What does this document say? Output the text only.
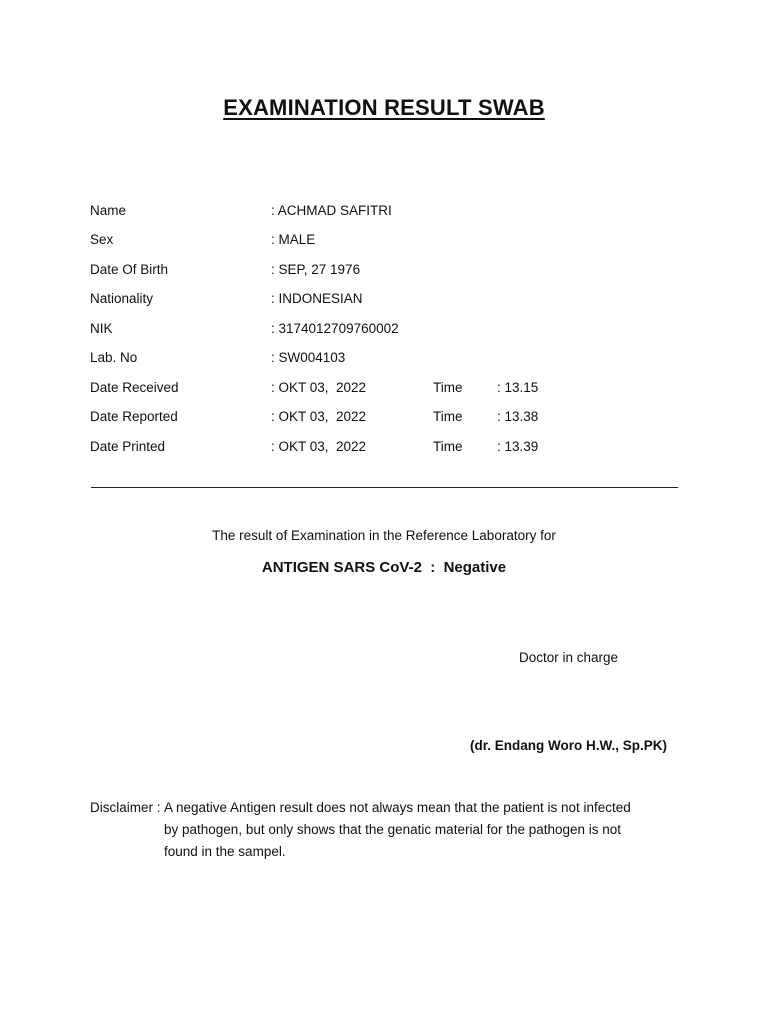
EXAMINATION RESULT SWAB
Name	: ACHMAD SAFITRI
Sex	: MALE
Date Of Birth	: SEP, 27 1976
Nationality	: INDONESIAN
NIK	: 3174012709760002
Lab. No	: SW004103
Date Received	: OKT 03,  2022	Time	: 13.15
Date Reported	: OKT 03,  2022	Time	: 13.38
Date Printed	: OKT 03,  2022	Time	: 13.39
The result of Examination in the Reference Laboratory for
ANTIGEN SARS CoV-2  :  Negative
Doctor in charge
(dr. Endang Woro H.W., Sp.PK)
Disclaimer : A negative Antigen result does not always mean that the patient is not infected
by pathogen, but only shows that the genatic material for the pathogen is not
found in the sampel.
